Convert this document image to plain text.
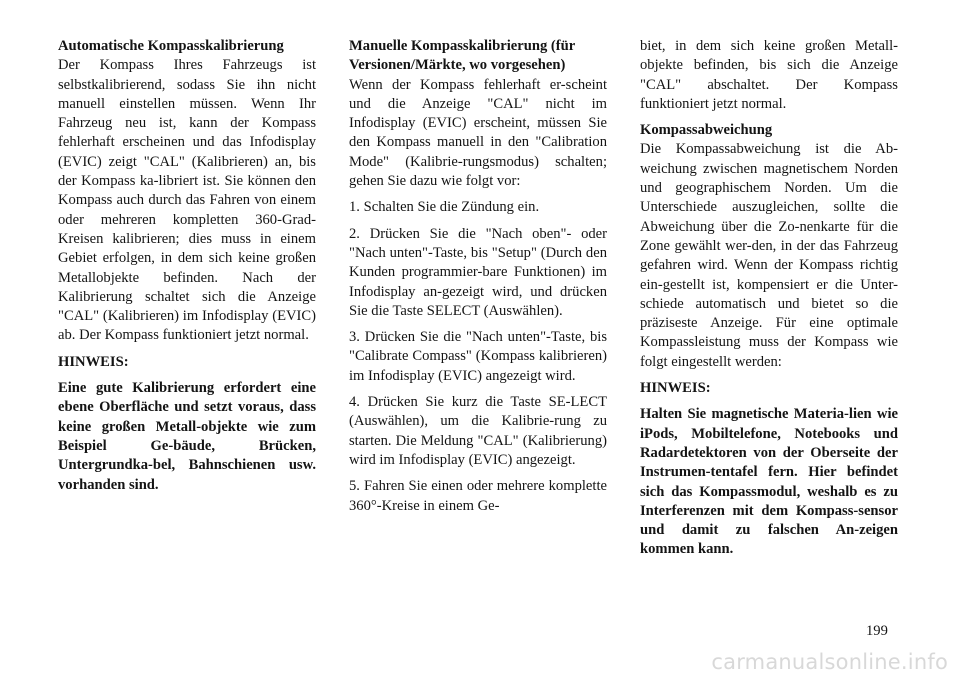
Automatische Kompasskalibrierung

Der Kompass Ihres Fahrzeugs ist selbstkalibrierend, sodass Sie ihn nicht manuell einstellen müssen. Wenn Ihr Fahrzeug neu ist, kann der Kompass fehlerhaft erscheinen und das Infodisplay (EVIC) zeigt "CAL" (Kalibrieren) an, bis der Kompass ka-libriert ist. Sie können den Kompass auch durch das Fahren von einem oder mehreren kompletten 360-Grad-Kreisen kalibrieren; dies muss in einem Gebiet erfolgen, in dem sich keine großen Metallobjekte befinden. Nach der Kalibrierung schaltet sich die Anzeige "CAL" (Kalibrieren) im Infodisplay (EVIC) ab. Der Kompass funktioniert jetzt normal.

HINWEIS:

Eine gute Kalibrierung erfordert eine ebene Oberfläche und setzt voraus, dass keine großen Metall-objekte wie zum Beispiel Ge-bäude, Brücken, Untergrundka-bel, Bahnschienen usw. vorhanden sind.

Manuelle Kompasskalibrierung (für Versionen/Märkte, wo vorgesehen)

Wenn der Kompass fehlerhaft er-scheint und die Anzeige "CAL" nicht im Infodisplay (EVIC) erscheint, müssen Sie den Kompass manuell in den "Calibration Mode" (Kalibrie-rungsmodus) schalten; gehen Sie dazu wie folgt vor:

1. Schalten Sie die Zündung ein.

2. Drücken Sie die "Nach oben"- oder "Nach unten"-Taste, bis "Setup" (Durch den Kunden programmier-bare Funktionen) im Infodisplay an-gezeigt wird, und drücken Sie die Taste SELECT (Auswählen).

3. Drücken Sie die "Nach unten"-Taste, bis "Calibrate Compass" (Kompass kalibrieren) im Infodisplay (EVIC) angezeigt wird.

4. Drücken Sie kurz die Taste SE-LECT (Auswählen), um die Kalibrie-rung zu starten. Die Meldung "CAL" (Kalibrierung) wird im Infodisplay (EVIC) angezeigt.

5. Fahren Sie einen oder mehrere komplette 360°-Kreise in einem Ge-

biet, in dem sich keine großen Metall-objekte befinden, bis sich die Anzeige "CAL" abschaltet. Der Kompass funktioniert jetzt normal.

Kompassabweichung

Die Kompassabweichung ist die Ab-weichung zwischen magnetischem Norden und geographischem Norden. Um die Unterschiede auszugleichen, sollte die Abweichung über die Zo-nenkarte für die Zone gewählt wer-den, in der das Fahrzeug gefahren wird. Wenn der Kompass richtig ein-gestellt ist, kompensiert er die Unter-schiede automatisch und bietet so die präziseste Anzeige. Für eine optimale Kompassleistung muss der Kompass wie folgt eingestellt werden:

HINWEIS:

Halten Sie magnetische Materia-lien wie iPods, Mobiltelefone, Notebooks und Radardetektoren von der Oberseite der Instrumen-tentafel fern. Hier befindet sich das Kompassmodul, weshalb es zu Interferenzen mit dem Kompass-sensor und damit zu falschen An-zeigen kommen kann.

199
carmanualsonline.info
